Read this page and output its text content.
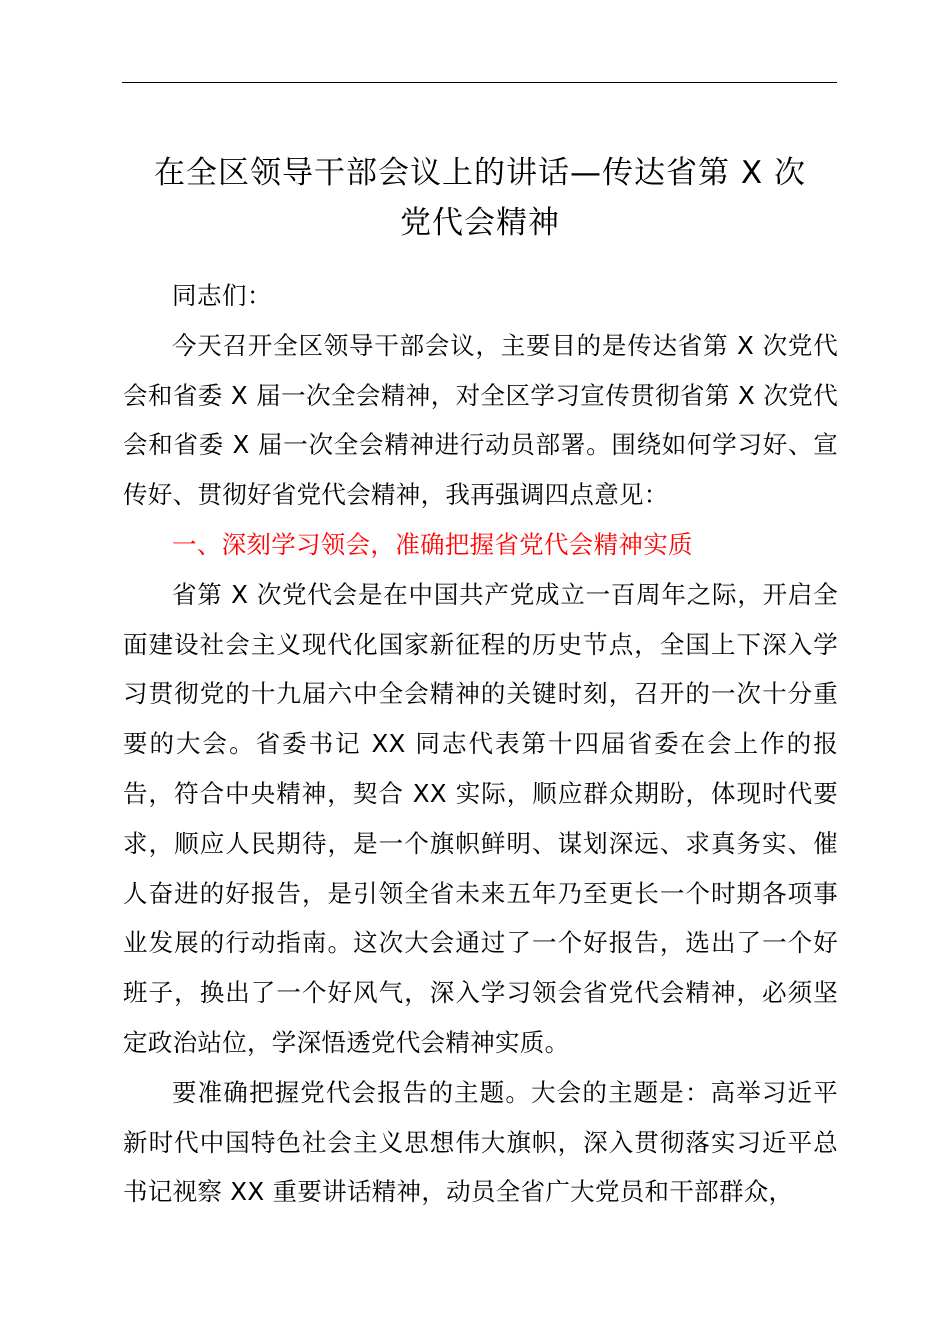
在全区领导干部会议上的讲话—传达省第 X 次
党代会精神

同志们：

今天召开全区领导干部会议，主要目的是传达省第 X 次党代会和省委 X 届一次全会精神，对全区学习宣传贯彻省第 X 次党代会和省委 X 届一次全会精神进行动员部署。围绕如何学习好、宣传好、贯彻好省党代会精神，我再强调四点意见：

一、深刻学习领会，准确把握省党代会精神实质

省第 X 次党代会是在中国共产党成立一百周年之际，开启全面建设社会主义现代化国家新征程的历史节点，全国上下深入学习贯彻党的十九届六中全会精神的关键时刻，召开的一次十分重要的大会。省委书记 XX 同志代表第十四届省委在会上作的报告，符合中央精神，契合 XX 实际，顺应群众期盼，体现时代要求，顺应人民期待，是一个旗帜鲜明、谋划深远、求真务实、催人奋进的好报告，是引领全省未来五年乃至更长一个时期各项事业发展的行动指南。这次大会通过了一个好报告，选出了一个好班子，换出了一个好风气，深入学习领会省党代会精神，必须坚定政治站位，学深悟透党代会精神实质。

要准确把握党代会报告的主题。大会的主题是：高举习近平新时代中国特色社会主义思想伟大旗帜，深入贯彻落实习近平总书记视察 XX 重要讲话精神，动员全省广大党员和干部群众，
